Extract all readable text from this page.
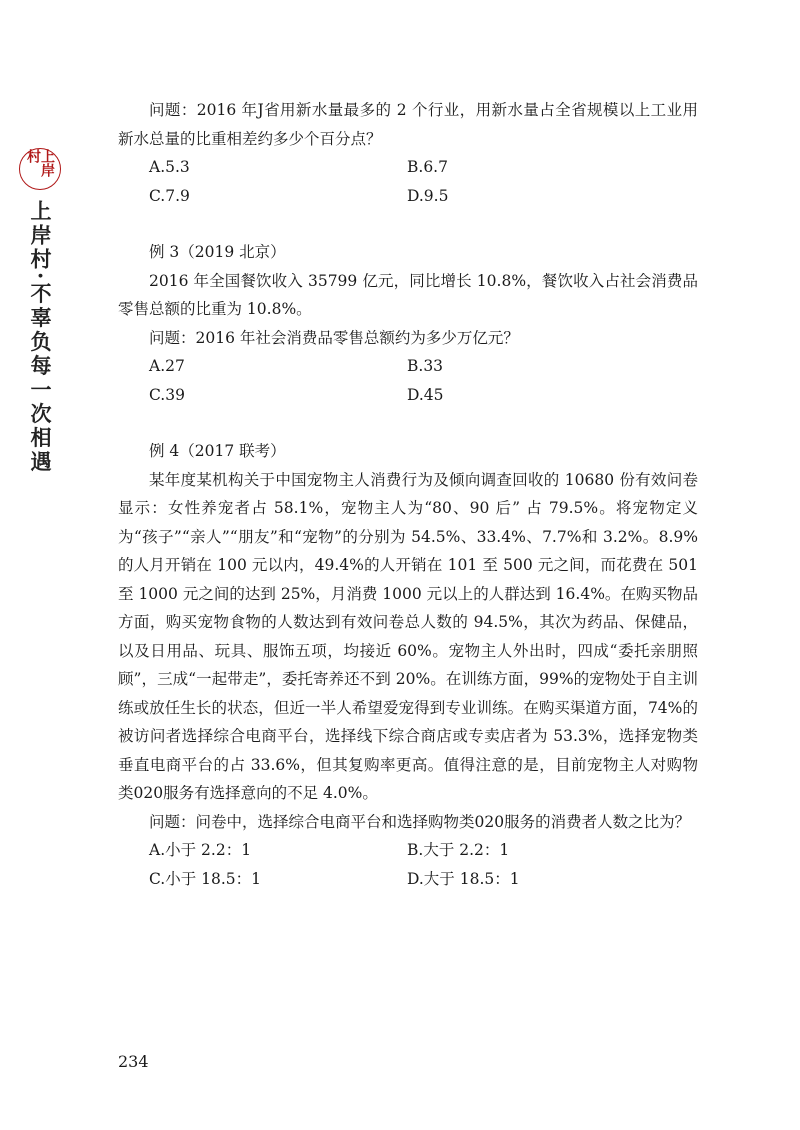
上岸村
上岸村·不辜负每一次相遇

问题：2016 年J省用新水量最多的 2 个行业，用新水量占全省规模以上工业用新水总量的比重相差约多少个百分点？

A.5.3	B.6.7
C.7.9	D.9.5

例 3（2019 北京）

2016 年全国餐饮收入 35799 亿元，同比增长 10.8%，餐饮收入占社会消费品零售总额的比重为 10.8%。

问题：2016 年社会消费品零售总额约为多少万亿元？

A.27	B.33
C.39	D.45

例 4（2017 联考）

某年度某机构关于中国宠物主人消费行为及倾向调查回收的 10680 份有效问卷显示：女性养宠者占 58.1%，宠物主人为“80、90 后” 占 79.5%。将宠物定义为“孩子”“亲人”“朋友”和“宠物”的分别为 54.5%、33.4%、7.7%和 3.2%。8.9%的人月开销在 100 元以内，49.4%的人开销在 101 至 500 元之间，而花费在 501 至 1000 元之间的达到 25%，月消费 1000 元以上的人群达到 16.4%。在购买物品方面，购买宠物食物的人数达到有效问卷总人数的 94.5%，其次为药品、保健品，以及日用品、玩具、服饰五项，均接近 60%。宠物主人外出时，四成“委托亲朋照顾”，三成“一起带走”，委托寄养还不到 20%。在训练方面，99%的宠物处于自主训练或放任生长的状态，但近一半人希望爱宠得到专业训练。在购买渠道方面，74%的被访问者选择综合电商平台，选择线下综合商店或专卖店者为 53.3%，选择宠物类垂直电商平台的占 33.6%，但其复购率更高。值得注意的是，目前宠物主人对购物类020服务有选择意向的不足 4.0%。

问题：问卷中，选择综合电商平台和选择购物类020服务的消费者人数之比为？

A.小于 2.2：1	B.大于 2.2：1
C.小于 18.5：1	D.大于 18.5：1
234
